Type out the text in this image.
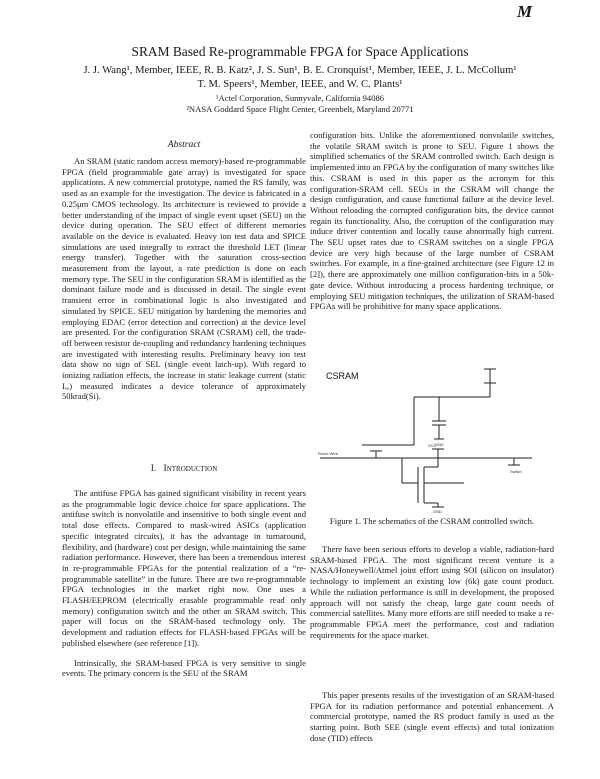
M
SRAM Based Re-programmable FPGA for Space Applications
J. J. Wang¹, Member, IEEE, R. B. Katz², J. S. Sun¹, B. E. Cronquist¹, Member, IEEE, J. L. McCollum¹
T. M. Speers¹, Member, IEEE, and W. C. Plants¹
¹Actel Corporation, Sunnyvale, California 94086
²NASA Goddard Space Flight Center, Greenbelt, Maryland 20771
Abstract

An SRAM (static random access memory)-based re-programmable FPGA (field programmable gate array) is investigated for space applications. A new commercial prototype, named the RS family, was used as an example for the investigation. The device is fabricated in a 0.25μm CMOS technology. Its architecture is reviewed to provide a better understanding of the impact of single event upset (SEU) on the device during operation. The SEU effect of different memories available on the device is evaluated. Heavy ion test data and SPICE simulations are used integrally to extract the threshold LET (linear energy transfer). Together with the saturation cross-section measurement from the layout, a rate prediction is done on each memory type. The SEU in the configuration SRAM is identified as the dominant failure mode and is discussed in detail. The single event transient error in combinational logic is also investigated and simulated by SPICE. SEU mitigation by hardening the memories and employing EDAC (error detection and correction) at the device level are presented. For the configuration SRAM (CSRAM) cell, the trade-off between resistor de-coupling and redundancy hardening techniques are investigated with interesting results. Preliminary heavy ion test data show no sign of SEL (single event latch-up). With regard to ionizing radiation effects, the increase in static leakage current (static Iₑₑ) measured indicates a device tolerance of approximately 50krad(Si).

I. Introduction

The antifuse FPGA has gained significant visibility in recent years as the programmable logic device choice for space applications. The antifuse switch is nonvolatile and insensitive to both single event and total dose effects. Compared to mask-wired ASICs (application specific integrated circuits), it has the advantage in turnaround, flexibility, and (hardware) cost per design, while maintaining the same radiation performance. However, there has been a tremendous interest in re-programmable FPGAs for the potential realization of a “re-programmable satellite” in the future. There are two re-programmable FPGA technologies in the market right now. One uses a FLASH/EEPROM (electrically erasable programmable read only memory) configuration switch and the other an SRAM switch. This paper will focus on the SRAM-based technology only. The development and radiation effects for FLASH-based FPGAs will be published elsewhere (see reference [1]).

Intrinsically, the SRAM-based FPGA is very sensitive to single events. The primary concern is the SEU of the SRAM

configuration bits. Unlike the aforementioned nonvolatile switches, the volatile SRAM switch is prone to SEU. Figure 1 shows the simplified schematics of the SRAM controlled switch. Each design is implemented into an FPGA by the configuration of many switches like this. CSRAM is used in this paper as the acronym for this configuration-SRAM cell. SEUs in the CSRAM will change the design configuration, and cause functional failure at the device level. Without reloading the corrupted configuration bits, the device cannot regain its functionality. Also, the corruption of the configuration may induce driver contention and locally cause abnormally high current. The SEU upset rates due to CSRAM switches on a single FPGA device are very high because of the large number of CSRAM switches. For example, in a fine-grained architecture (see Figure 12 in [2]), there are approximately one million configuration-bits in a 50k-gate device. Without introducing a process hardening technique, or employing SEU mitigation techniques, the utilization of SRAM-based FPGAs will be prohibitive for many space applications.

CSRAM
VCC
GND
GND
Route Wire
Switch
Figure 1. The schematics of the CSRAM controlled switch.

There have been serious efforts to develop a viable, radiation-hard SRAM-based FPGA. The most significant recent venture is a NASA/Honeywell/Atmel joint effort using SOI (silicon on insulator) technology to implement an existing low (6k) gate count product. While the radiation performance is still in development, the proposed approach will not satisfy the cheap, large gate count needs of commercial satellites. Many more efforts are still needed to make a re-programmable FPGA meet the performance, cost and radiation requirements for the space market.

This paper presents results of the investigation of an SRAM-based FPGA for its radiation performance and potential enhancement. A commercial prototype, named the RS product family is used as the starting point. Both SEE (single event effects) and total ionization dose (TID) effects
